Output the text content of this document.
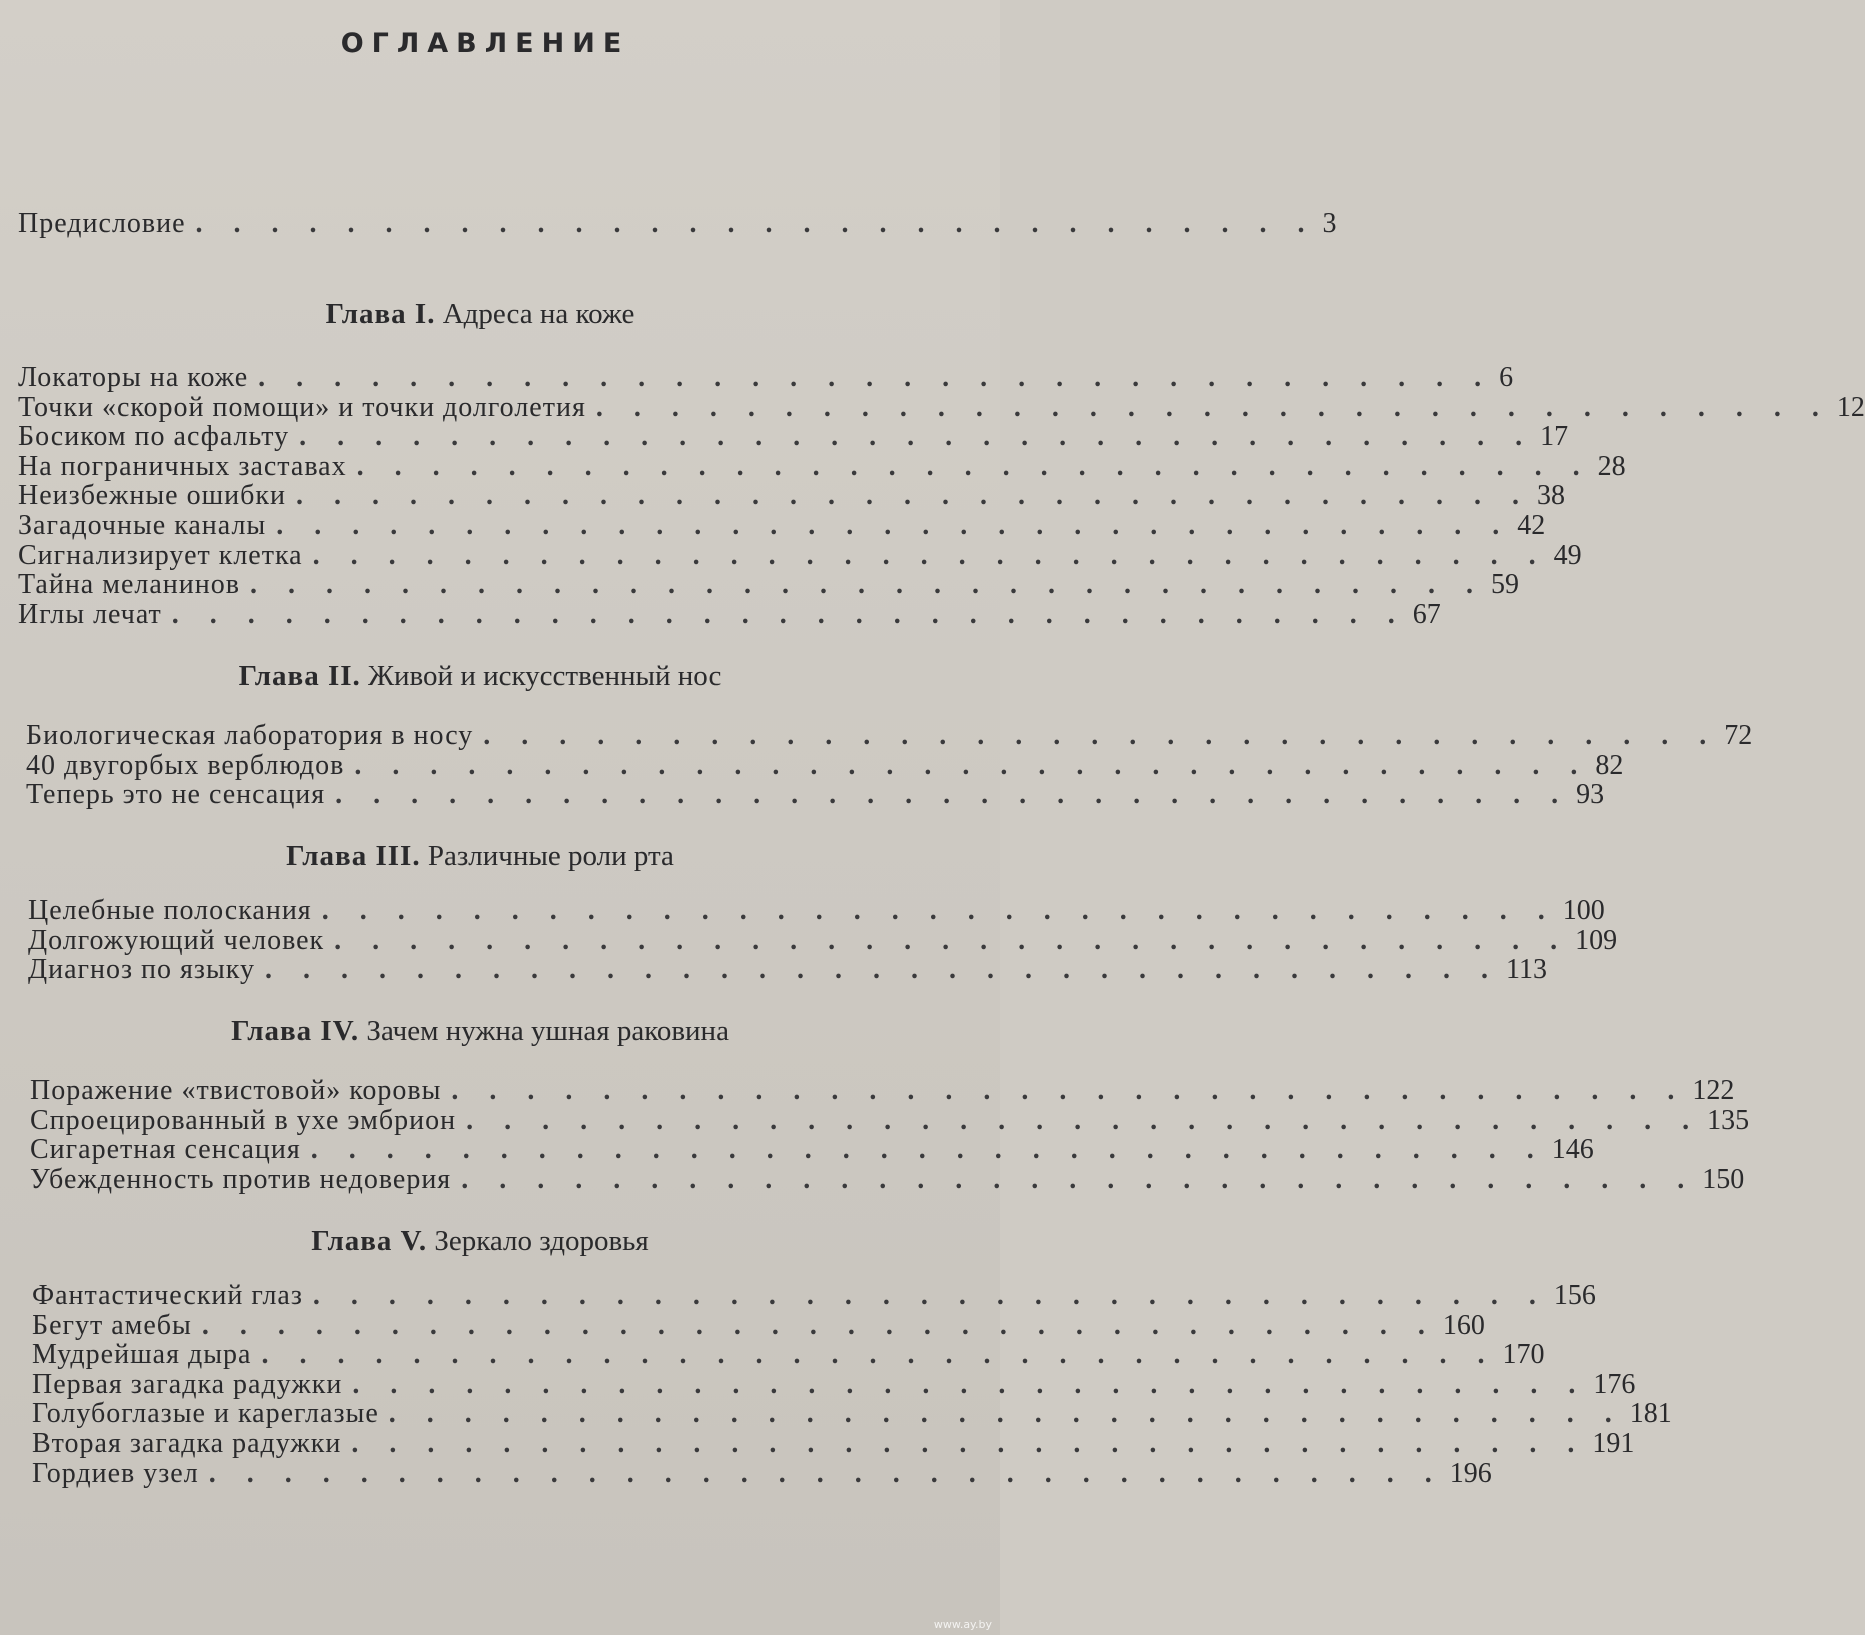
ОГЛАВЛЕНИЕ
Предисловие . . . . . . . . . . . . . . . . . . . . . . . . . . . . . . 3
Глава I. Адреса на коже
Локаторы на коже . . . . . . . . . . . . . . . . . . . . . . . . . . . . . . . . . 6
Точки «скорой помощи» и точки долголетия . . . . . . . . . . . . . . . . . . . . . . . . . . . . . . . . . 12
Босиком по асфальту . . . . . . . . . . . . . . . . . . . . . . . . . . . . . . . . . 17
На пограничных заставах . . . . . . . . . . . . . . . . . . . . . . . . . . . . . . . . . 28
Неизбежные ошибки . . . . . . . . . . . . . . . . . . . . . . . . . . . . . . . . . 38
Загадочные каналы . . . . . . . . . . . . . . . . . . . . . . . . . . . . . . . . . 42
Сигнализирует клетка . . . . . . . . . . . . . . . . . . . . . . . . . . . . . . . . . 49
Тайна меланинов . . . . . . . . . . . . . . . . . . . . . . . . . . . . . . . . . 59
Иглы лечат . . . . . . . . . . . . . . . . . . . . . . . . . . . . . . . . . 67
Глава II. Живой и искусственный нос
Биологическая лаборатория в носу . . . . . . . . . . . . . . . . . . . . . . . . . . . . . . . . . 72
40 двугорбых верблюдов . . . . . . . . . . . . . . . . . . . . . . . . . . . . . . . . . 82
Теперь это не сенсация . . . . . . . . . . . . . . . . . . . . . . . . . . . . . . . . . 93
Глава III. Различные роли рта
Целебные полоскания . . . . . . . . . . . . . . . . . . . . . . . . . . . . . . . . . 100
Долгожующий человек . . . . . . . . . . . . . . . . . . . . . . . . . . . . . . . . . 109
Диагноз по языку . . . . . . . . . . . . . . . . . . . . . . . . . . . . . . . . . 113
Глава IV. Зачем нужна ушная раковина
Поражение «твистовой» коровы . . . . . . . . . . . . . . . . . . . . . . . . . . . . . . . . . 122
Спроецированный в ухе эмбрион . . . . . . . . . . . . . . . . . . . . . . . . . . . . . . . . . 135
Сигаретная сенсация . . . . . . . . . . . . . . . . . . . . . . . . . . . . . . . . . 146
Убежденность против недоверия . . . . . . . . . . . . . . . . . . . . . . . . . . . . . . . . . 150
Глава V. Зеркало здоровья
Фантастический глаз . . . . . . . . . . . . . . . . . . . . . . . . . . . . . . . . . 156
Бегут амебы . . . . . . . . . . . . . . . . . . . . . . . . . . . . . . . . . 160
Мудрейшая дыра . . . . . . . . . . . . . . . . . . . . . . . . . . . . . . . . . 170
Первая загадка радужки . . . . . . . . . . . . . . . . . . . . . . . . . . . . . . . . . 176
Голубоглазые и кареглазые . . . . . . . . . . . . . . . . . . . . . . . . . . . . . . . . . 181
Вторая загадка радужки . . . . . . . . . . . . . . . . . . . . . . . . . . . . . . . . . 191
Гордиев узел . . . . . . . . . . . . . . . . . . . . . . . . . . . . . . . . . 196
www.ay.by
